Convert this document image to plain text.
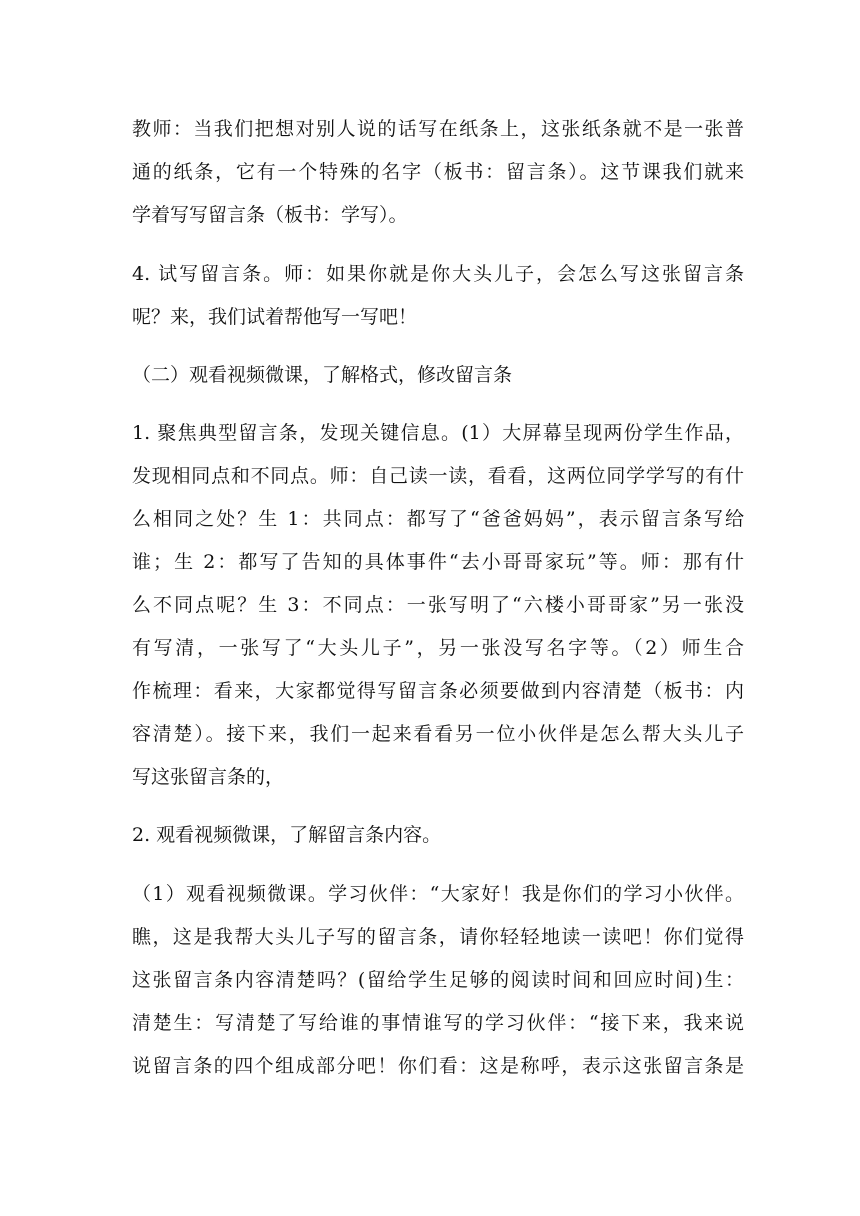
教师：当我们把想对别人说的话写在纸条上，这张纸条就不是一张普
通的纸条，它有一个特殊的名字（板书：留言条）。这节课我们就来
学着写写留言条（板书：学写）。
4. 试写留言条。师：如果你就是你大头儿子，会怎么写这张留言条
呢？来，我们试着帮他写一写吧！
（二）观看视频微课，了解格式，修改留言条
1. 聚焦典型留言条，发现关键信息。(1）大屏幕呈现两份学生作品，
发现相同点和不同点。师：自己读一读，看看，这两位同学学写的有什
么相同之处？生 1：共同点：都写了“爸爸妈妈”，表示留言条写给
谁；生 2：都写了告知的具体事件“去小哥哥家玩”等。师：那有什
么不同点呢？生 3：不同点：一张写明了“六楼小哥哥家”另一张没
有写清，一张写了“大头儿子”，另一张没写名字等。（2）师生合
作梳理：看来，大家都觉得写留言条必须要做到内容清楚（板书：内
容清楚）。接下来，我们一起来看看另一位小伙伴是怎么帮大头儿子
写这张留言条的，
2. 观看视频微课，了解留言条内容。
（1）观看视频微课。学习伙伴：“大家好！我是你们的学习小伙伴。
瞧，这是我帮大头儿子写的留言条，请你轻轻地读一读吧！你们觉得
这张留言条内容清楚吗？(留给学生足够的阅读时间和回应时间)生：
清楚生：写清楚了写给谁的事情谁写的学习伙伴：“接下来，我来说
说留言条的四个组成部分吧！你们看：这是称呼，表示这张留言条是
